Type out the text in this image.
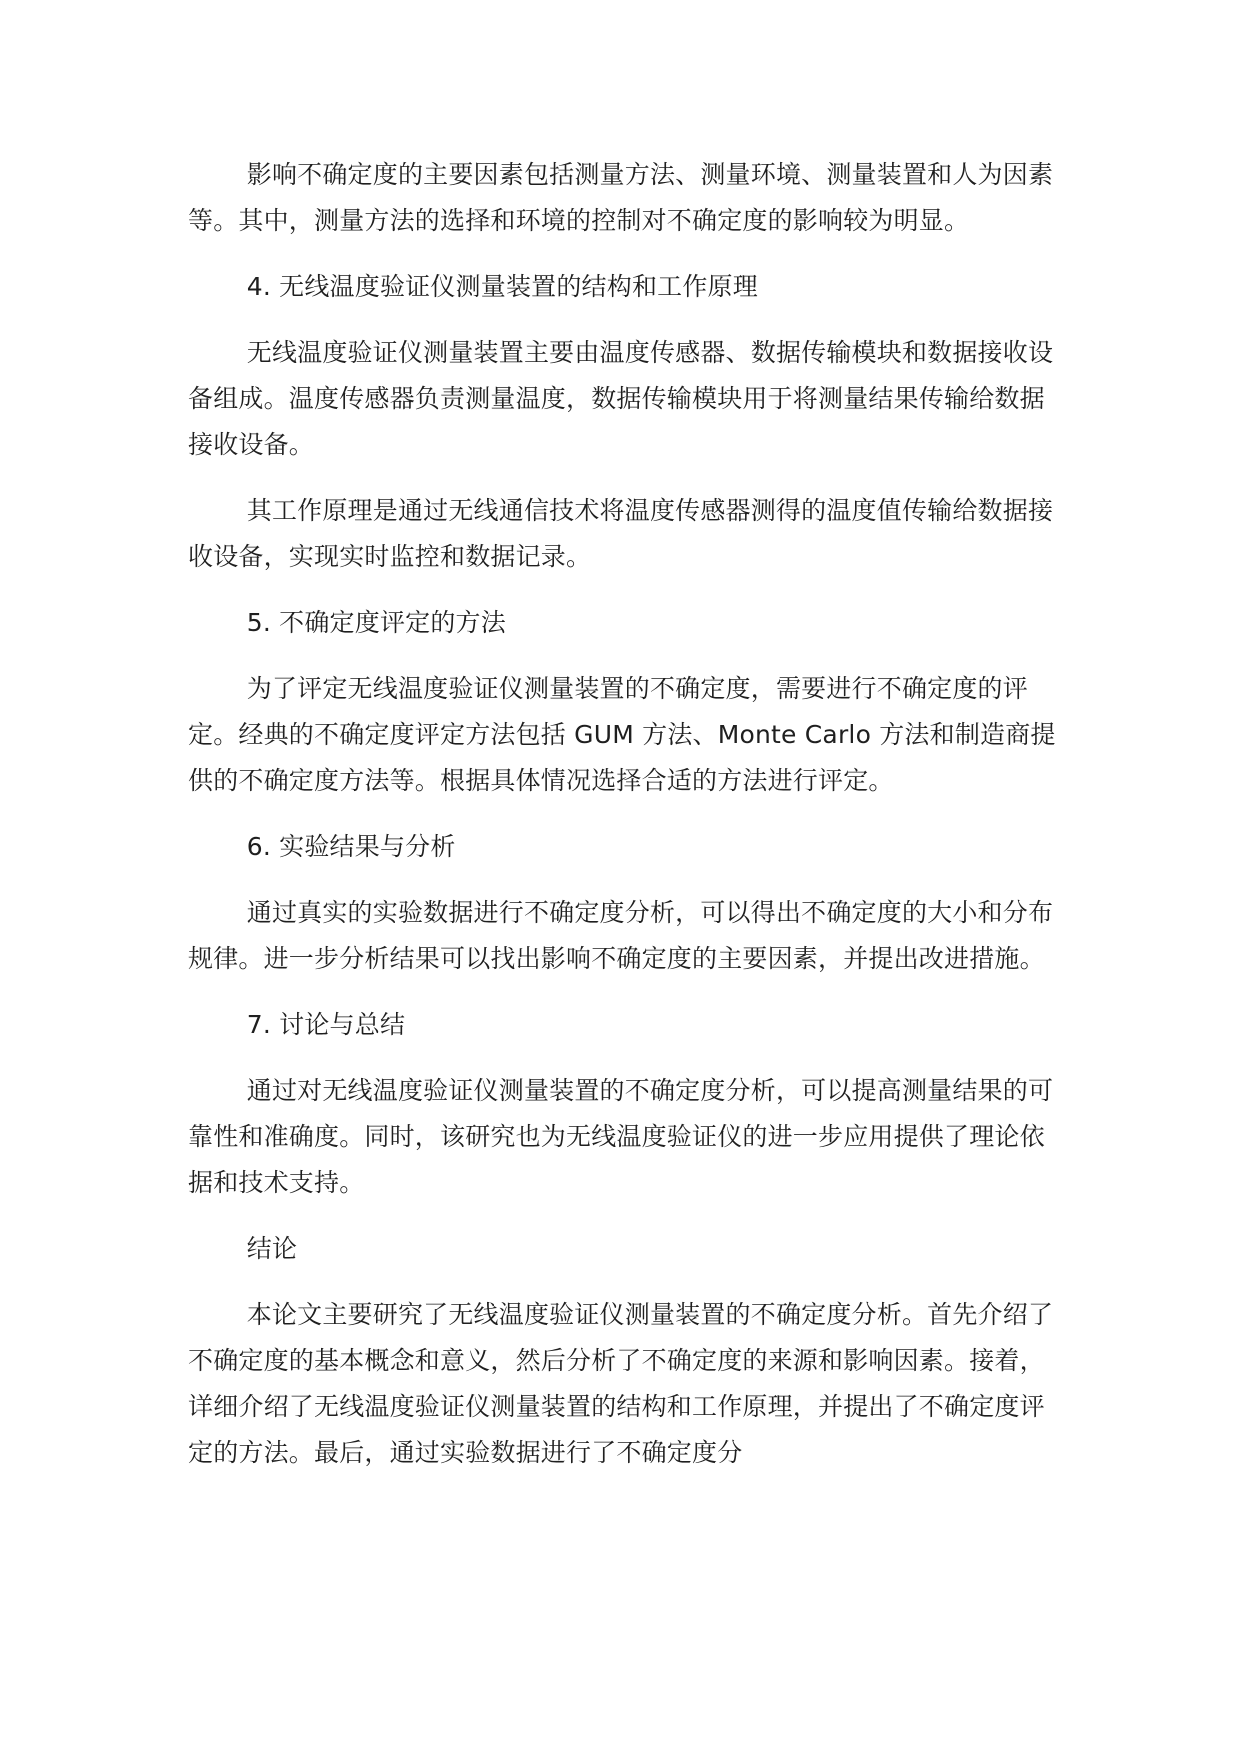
影响不确定度的主要因素包括测量方法、测量环境、测量装置和人为因素等。其中，测量方法的选择和环境的控制对不确定度的影响较为明显。

4. 无线温度验证仪测量装置的结构和工作原理

无线温度验证仪测量装置主要由温度传感器、数据传输模块和数据接收设备组成。温度传感器负责测量温度，数据传输模块用于将测量结果传输给数据接收设备。

其工作原理是通过无线通信技术将温度传感器测得的温度值传输给数据接收设备，实现实时监控和数据记录。

5. 不确定度评定的方法

为了评定无线温度验证仪测量装置的不确定度，需要进行不确定度的评定。经典的不确定度评定方法包括 GUM 方法、Monte Carlo 方法和制造商提供的不确定度方法等。根据具体情况选择合适的方法进行评定。

6. 实验结果与分析

通过真实的实验数据进行不确定度分析，可以得出不确定度的大小和分布规律。进一步分析结果可以找出影响不确定度的主要因素，并提出改进措施。

7. 讨论与总结

通过对无线温度验证仪测量装置的不确定度分析，可以提高测量结果的可靠性和准确度。同时，该研究也为无线温度验证仪的进一步应用提供了理论依据和技术支持。

结论

本论文主要研究了无线温度验证仪测量装置的不确定度分析。首先介绍了不确定度的基本概念和意义，然后分析了不确定度的来源和影响因素。接着，详细介绍了无线温度验证仪测量装置的结构和工作原理，并提出了不确定度评定的方法。最后，通过实验数据进行了不确定度分
